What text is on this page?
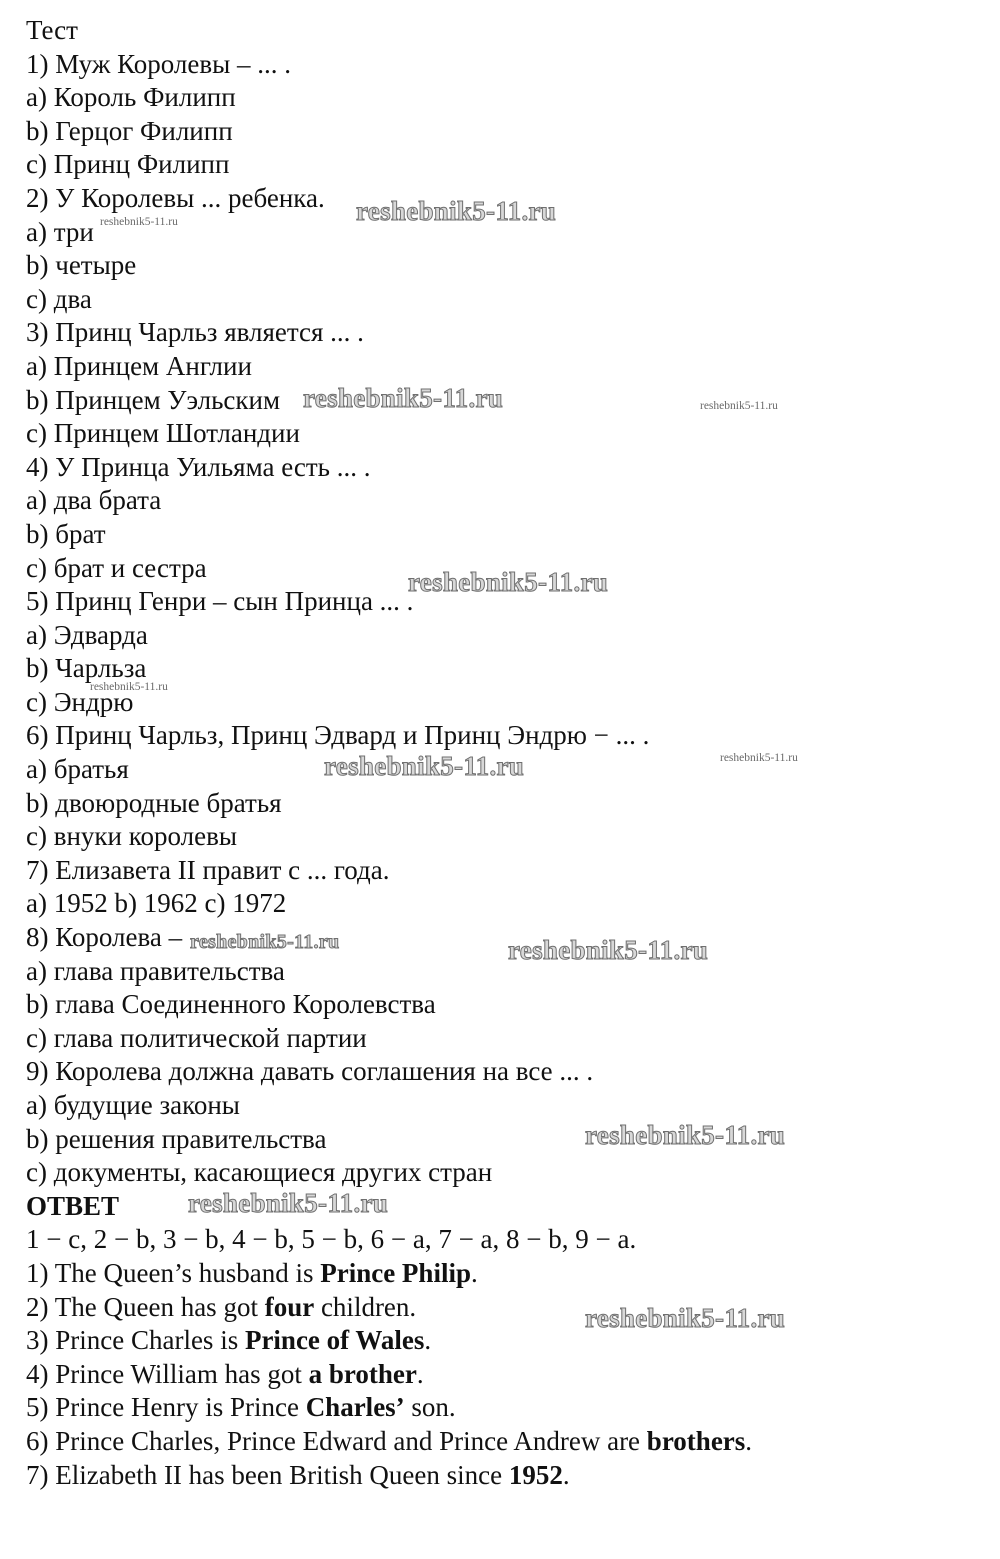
Тест
1) Муж Королевы – ... .
a) Король Филипп
b) Герцог Филипп
c) Принц Филипп
2) У Королевы ... ребенка.
a) три
b) четыре
c) два
3) Принц Чарльз является ... .
a) Принцем Англии
b) Принцем Уэльским
c) Принцем Шотландии
4) У Принца Уильяма есть ... .
a) два брата
b) брат
c) брат и сестра
5) Принц Генри – сын Принца ... .
a) Эдварда
b) Чарльза
c) Эндрю
6) Принц Чарльз, Принц Эдвард и Принц Эндрю − ... .
a) братья
b) двоюродные братья
c) внуки королевы
7) Елизавета II правит с ... года.
a) 1952 b) 1962 c) 1972
8) Королева –
a) глава правительства
b) глава Соединенного Королевства
c) глава политической партии
9) Королева должна давать соглашения на все ... .
a) будущие законы
b) решения правительства
c) документы, касающиеся других стран
ОТВЕТ
1 − c, 2 − b, 3 − b, 4 − b, 5 − b, 6 − a, 7 − a, 8 − b, 9 − a.
1) The Queen’s husband is Prince Philip.
2) The Queen has got four children.
3) Prince Charles is Prince of Wales.
4) Prince William has got a brother.
5) Prince Henry is Prince Charles’ son.
6) Prince Charles, Prince Edward and Prince Andrew are brothers.
7) Elizabeth II has been British Queen since 1952.
reshebnik5-11.ru
reshebnik5-11.ru
reshebnik5-11.ru	reshebnik5-11.ru
reshebnik5-11.ru
reshebnik5-11.ru
reshebnik5-11.ru	reshebnik5-11.ru
reshebnik5-11.ru	reshebnik5-11.ru
reshebnik5-11.ru
reshebnik5-11.ru
reshebnik5-11.ru
